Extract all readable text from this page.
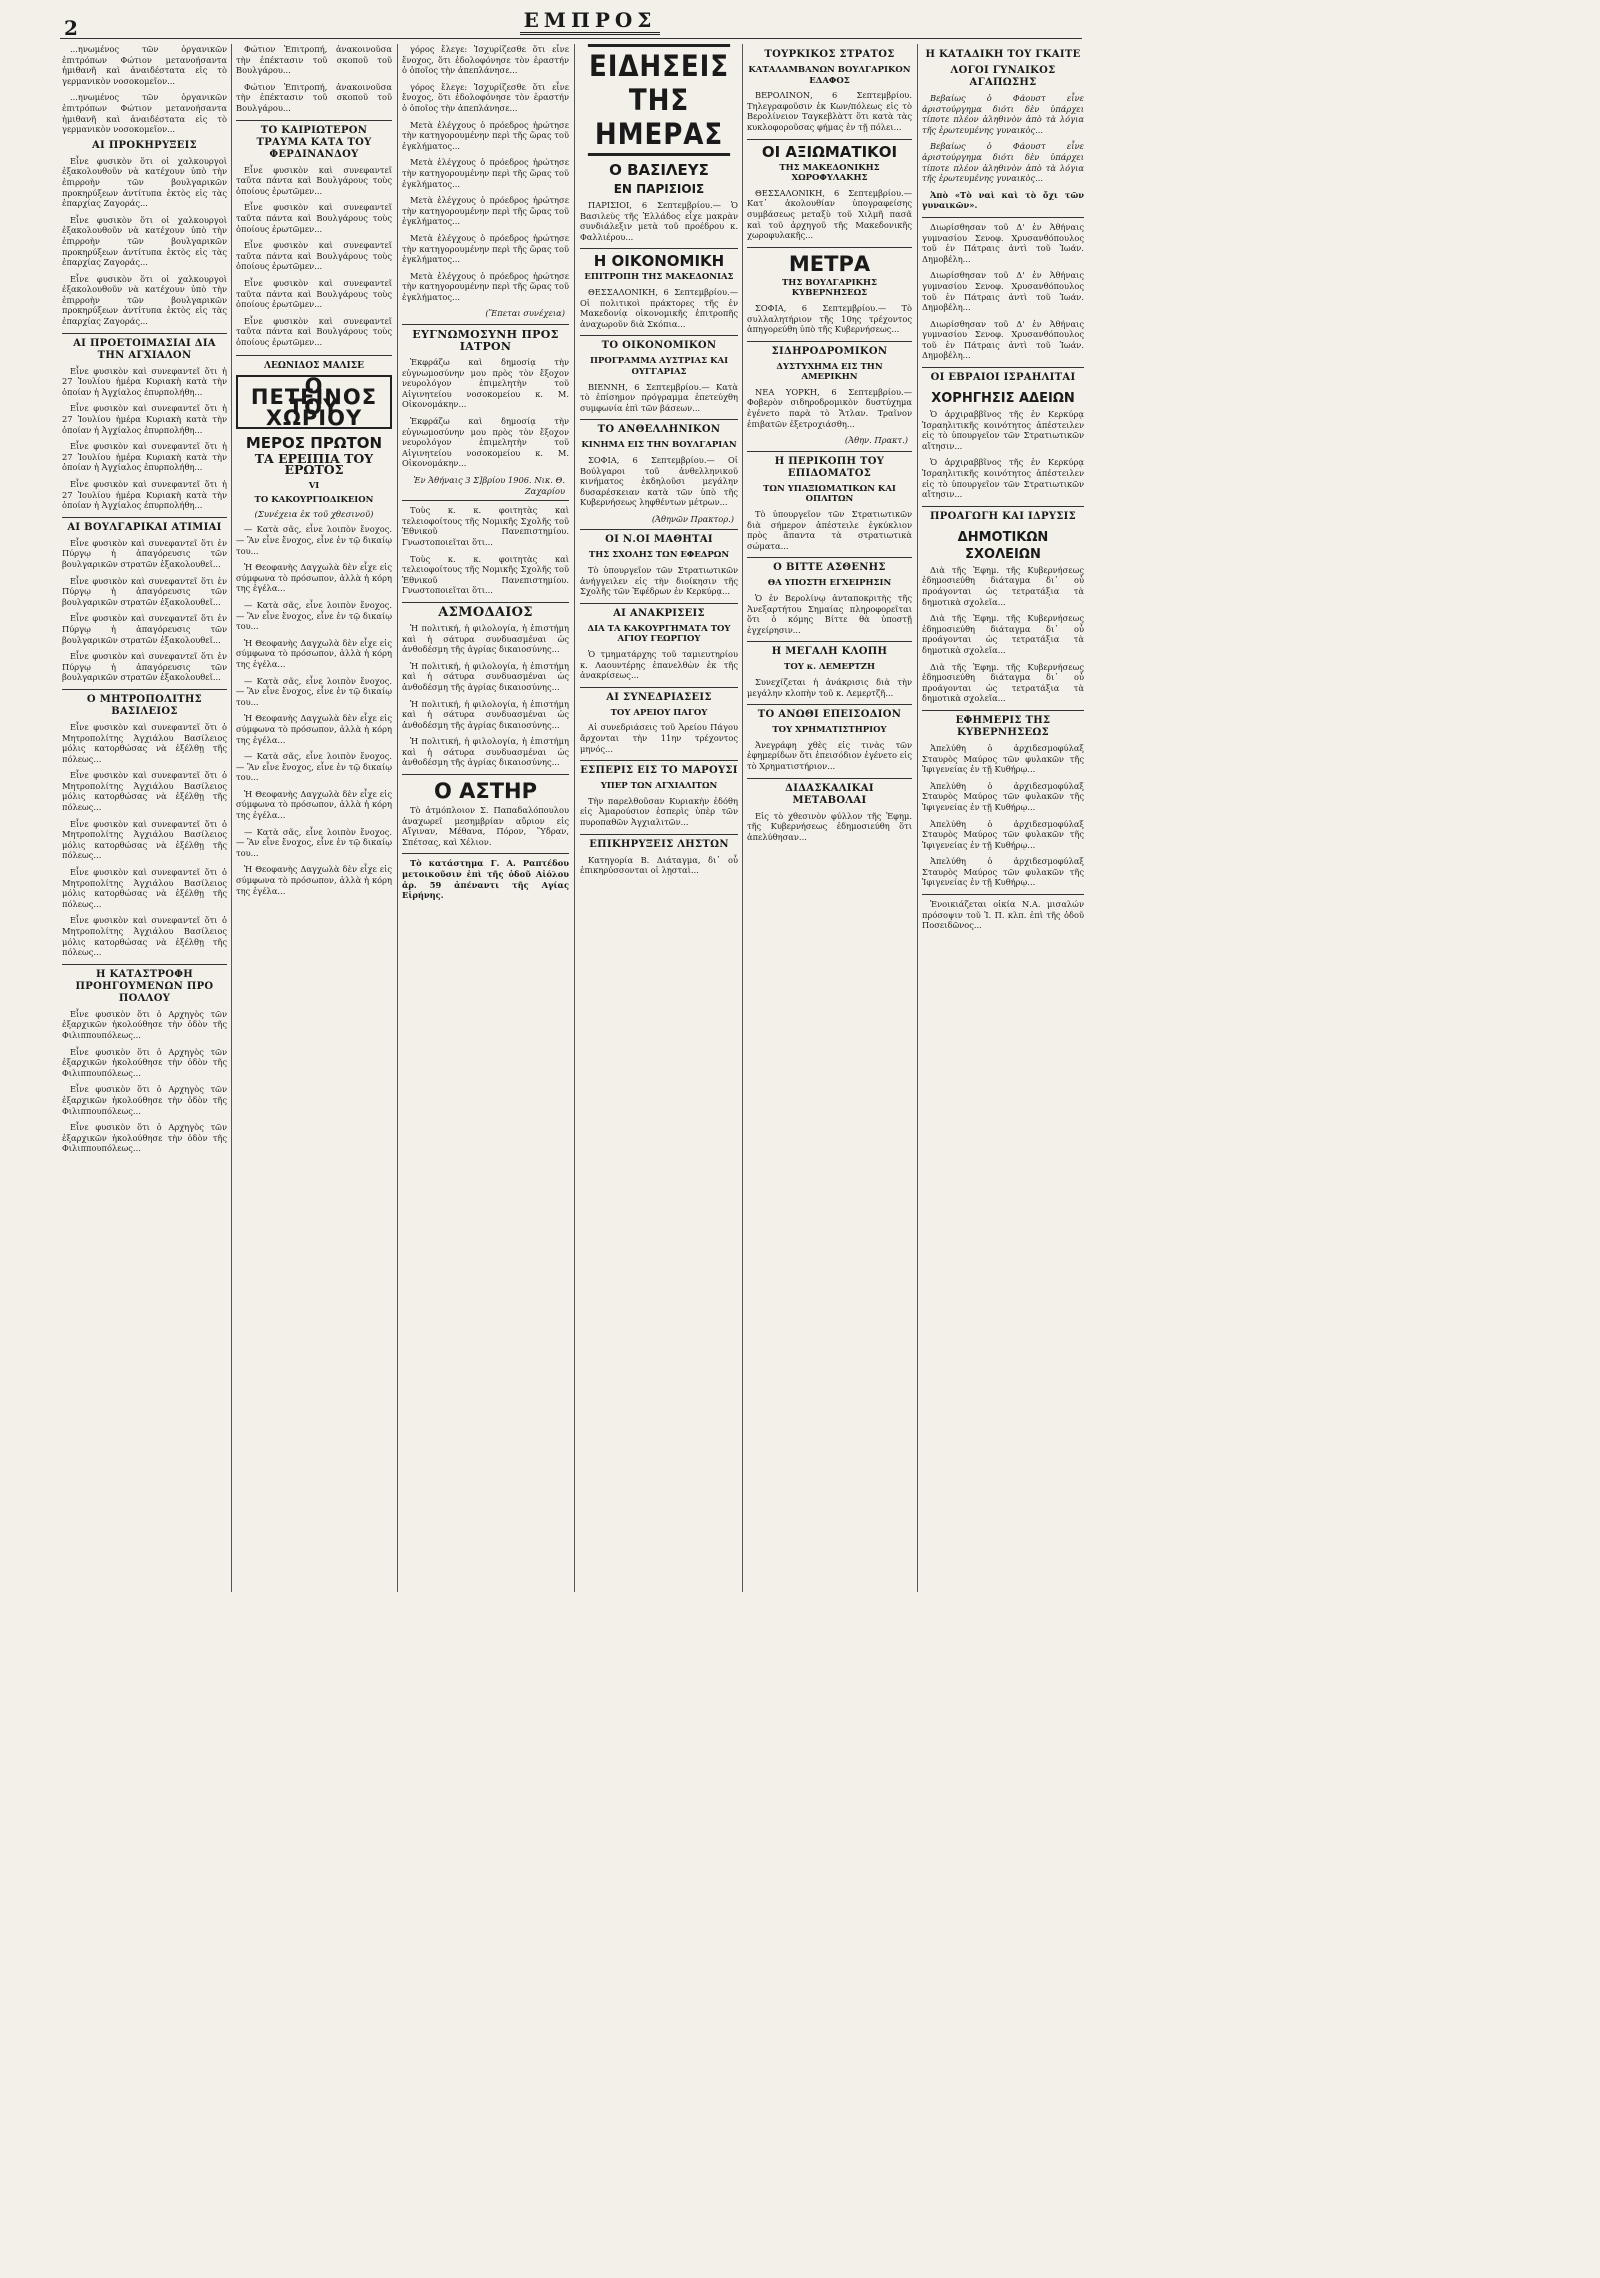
2	ΕΜΠΡΟΣ

...ηνωμένος τῶν ὀργανικῶν ἐπιτρόπων Φώτιον μετανοήσαντα ἡμιθανῆ καὶ ἀναιδέστατα εἰς τὸ γερμανικὸν νοσοκομεῖον...

...ηνωμένος τῶν ὀργανικῶν ἐπιτρόπων Φώτιον μετανοήσαντα ἡμιθανῆ καὶ ἀναιδέστατα εἰς τὸ γερμανικὸν νοσοκομεῖον...

ΑΙ ΠΡΟΚΗΡΥΞΕΙΣ

Εἶνε φυσικὸν ὅτι οἱ χαλκουργοὶ ἐξακολουθοῦν νὰ κατέχουν ὑπὸ τὴν ἐπιρροὴν τῶν βουλγαρικῶν προκηρύξεων ἀντίτυπα ἐκτὸς εἰς τὰς ἐπαρχίας Ζαγοράς...

Εἶνε φυσικὸν ὅτι οἱ χαλκουργοὶ ἐξακολουθοῦν νὰ κατέχουν ὑπὸ τὴν ἐπιρροὴν τῶν βουλγαρικῶν προκηρύξεων ἀντίτυπα ἐκτὸς εἰς τὰς ἐπαρχίας Ζαγοράς...

Εἶνε φυσικὸν ὅτι οἱ χαλκουργοὶ ἐξακολουθοῦν νὰ κατέχουν ὑπὸ τὴν ἐπιρροὴν τῶν βουλγαρικῶν προκηρύξεων ἀντίτυπα ἐκτὸς εἰς τὰς ἐπαρχίας Ζαγοράς...

ΑΙ ΠΡΟΕΤΟΙΜΑΣΙΑΙ ΔΙΑ ΤΗΝ ΑΓΧΙΑΛΟΝ

Εἶνε φυσικὸν καὶ συνεφαντεῖ ὅτι ἡ 27 Ἰουλίου ἡμέρα Κυριακὴ κατὰ τὴν ὁποίαν ἡ Ἀγχίαλος ἐπυρπολήθη...

Εἶνε φυσικὸν καὶ συνεφαντεῖ ὅτι ἡ 27 Ἰουλίου ἡμέρα Κυριακὴ κατὰ τὴν ὁποίαν ἡ Ἀγχίαλος ἐπυρπολήθη...

Εἶνε φυσικὸν καὶ συνεφαντεῖ ὅτι ἡ 27 Ἰουλίου ἡμέρα Κυριακὴ κατὰ τὴν ὁποίαν ἡ Ἀγχίαλος ἐπυρπολήθη...

Εἶνε φυσικὸν καὶ συνεφαντεῖ ὅτι ἡ 27 Ἰουλίου ἡμέρα Κυριακὴ κατὰ τὴν ὁποίαν ἡ Ἀγχίαλος ἐπυρπολήθη...

ΑΙ ΒΟΥΛΓΑΡΙΚΑΙ ΑΤΙΜΙΑΙ

Εἶνε φυσικὸν καὶ συνεφαντεῖ ὅτι ἐν Πύργῳ ἡ ἀπαγόρευσις τῶν βουλγαρικῶν στρατῶν ἐξακολουθεῖ...

Εἶνε φυσικὸν καὶ συνεφαντεῖ ὅτι ἐν Πύργῳ ἡ ἀπαγόρευσις τῶν βουλγαρικῶν στρατῶν ἐξακολουθεῖ...

Εἶνε φυσικὸν καὶ συνεφαντεῖ ὅτι ἐν Πύργῳ ἡ ἀπαγόρευσις τῶν βουλγαρικῶν στρατῶν ἐξακολουθεῖ...

Εἶνε φυσικὸν καὶ συνεφαντεῖ ὅτι ἐν Πύργῳ ἡ ἀπαγόρευσις τῶν βουλγαρικῶν στρατῶν ἐξακολουθεῖ...

Ο ΜΗΤΡΟΠΟΛΙΤΗΣ ΒΑΣΙΛΕΙΟΣ

Εἶνε φυσικὸν καὶ συνεφαντεῖ ὅτι ὁ Μητροπολίτης Ἀγχιάλου Βασίλειος μόλις κατορθώσας νὰ ἐξέλθῃ τῆς πόλεως...

Εἶνε φυσικὸν καὶ συνεφαντεῖ ὅτι ὁ Μητροπολίτης Ἀγχιάλου Βασίλειος μόλις κατορθώσας νὰ ἐξέλθῃ τῆς πόλεως...

Εἶνε φυσικὸν καὶ συνεφαντεῖ ὅτι ὁ Μητροπολίτης Ἀγχιάλου Βασίλειος μόλις κατορθώσας νὰ ἐξέλθῃ τῆς πόλεως...

Εἶνε φυσικὸν καὶ συνεφαντεῖ ὅτι ὁ Μητροπολίτης Ἀγχιάλου Βασίλειος μόλις κατορθώσας νὰ ἐξέλθῃ τῆς πόλεως...

Εἶνε φυσικὸν καὶ συνεφαντεῖ ὅτι ὁ Μητροπολίτης Ἀγχιάλου Βασίλειος μόλις κατορθώσας νὰ ἐξέλθῃ τῆς πόλεως...

Η ΚΑΤΑΣΤΡΟΦΗ ΠΡΟΗΓΟΥΜΕΝΩΝ ΠΡΟ ΠΟΛΛΟΥ

Εἶνε φυσικὸν ὅτι ὁ Αρχηγὸς τῶν ἐξαρχικῶν ἠκολούθησε τὴν ὁδὸν τῆς Φιλιππουπόλεως...

Εἶνε φυσικὸν ὅτι ὁ Αρχηγὸς τῶν ἐξαρχικῶν ἠκολούθησε τὴν ὁδὸν τῆς Φιλιππουπόλεως...

Εἶνε φυσικὸν ὅτι ὁ Αρχηγὸς τῶν ἐξαρχικῶν ἠκολούθησε τὴν ὁδὸν τῆς Φιλιππουπόλεως...

Εἶνε φυσικὸν ὅτι ὁ Αρχηγὸς τῶν ἐξαρχικῶν ἠκολούθησε τὴν ὁδὸν τῆς Φιλιππουπόλεως...

Φώτιον Ἐπιτροπή, ἀνακοινοῦσα τὴν ἐπέκτασιν τοῦ σκοποῦ τοῦ Βουλγάρου...

Φώτιον Ἐπιτροπή, ἀνακοινοῦσα τὴν ἐπέκτασιν τοῦ σκοποῦ τοῦ Βουλγάρου...

ΤΟ ΚΑΙΡΙΩΤΕΡΟΝ ΤΡΑΥΜΑ ΚΑΤΑ ΤΟΥ ΦΕΡΔΙΝΑΝΔΟΥ

Εἶνε φυσικὸν καὶ συνεφαντεῖ ταῦτα πάντα καὶ Βουλγάρους τοὺς ὁποίους ἐρωτῶμεν...

Εἶνε φυσικὸν καὶ συνεφαντεῖ ταῦτα πάντα καὶ Βουλγάρους τοὺς ὁποίους ἐρωτῶμεν...

Εἶνε φυσικὸν καὶ συνεφαντεῖ ταῦτα πάντα καὶ Βουλγάρους τοὺς ὁποίους ἐρωτῶμεν...

Εἶνε φυσικὸν καὶ συνεφαντεῖ ταῦτα πάντα καὶ Βουλγάρους τοὺς ὁποίους ἐρωτῶμεν...

Εἶνε φυσικὸν καὶ συνεφαντεῖ ταῦτα πάντα καὶ Βουλγάρους τοὺς ὁποίους ἐρωτῶμεν...

ΛΕΩΝΙΔΟΣ ΜΑΛΙΣΕ
Ο ΠΕΤΕΙΝΟΣ ΤΟΥ ΧΩΡΙΟΥ
ΜΕΡΟΣ ΠΡΩΤΟΝ
ΤΑ ΕΡΕΙΠΙΑ ΤΟΥ ΕΡΩΤΟΣ
VI
ΤΟ ΚΑΚΟΥΡΓΙΟΔΙΚΕΙΟΝ
(Συνέχεια ἐκ τοῦ χθεσινοῦ)

— Κατὰ σᾶς, εἶνε λοιπὸν ἔνοχος. — Ἂν εἶνε ἔνοχος, εἶνε ἐν τῷ δικαίῳ του...

Ἡ Θεοφανὴς Δαγχωλὰ δὲν εἶχε εἰς σύμφωνα τὸ πρόσωπον, ἀλλὰ ἡ κόρη της ἐγέλα...

— Κατὰ σᾶς, εἶνε λοιπὸν ἔνοχος. — Ἂν εἶνε ἔνοχος, εἶνε ἐν τῷ δικαίῳ του...

Ἡ Θεοφανὴς Δαγχωλὰ δὲν εἶχε εἰς σύμφωνα τὸ πρόσωπον, ἀλλὰ ἡ κόρη της ἐγέλα...

— Κατὰ σᾶς, εἶνε λοιπὸν ἔνοχος. — Ἂν εἶνε ἔνοχος, εἶνε ἐν τῷ δικαίῳ του...

Ἡ Θεοφανὴς Δαγχωλὰ δὲν εἶχε εἰς σύμφωνα τὸ πρόσωπον, ἀλλὰ ἡ κόρη της ἐγέλα...

— Κατὰ σᾶς, εἶνε λοιπὸν ἔνοχος. — Ἂν εἶνε ἔνοχος, εἶνε ἐν τῷ δικαίῳ του...

Ἡ Θεοφανὴς Δαγχωλὰ δὲν εἶχε εἰς σύμφωνα τὸ πρόσωπον, ἀλλὰ ἡ κόρη της ἐγέλα...

— Κατὰ σᾶς, εἶνε λοιπὸν ἔνοχος. — Ἂν εἶνε ἔνοχος, εἶνε ἐν τῷ δικαίῳ του...

Ἡ Θεοφανὴς Δαγχωλὰ δὲν εἶχε εἰς σύμφωνα τὸ πρόσωπον, ἀλλὰ ἡ κόρη της ἐγέλα...

γόρος ἔλεγε: Ἰσχυρίζεσθε ὅτι εἶνε ἔνοχος, ὅτι ἐδολοφόνησε τὸν ἐραστήν ὁ ὁποῖος τὴν ἀπεπλάνησε...

γόρος ἔλεγε: Ἰσχυρίζεσθε ὅτι εἶνε ἔνοχος, ὅτι ἐδολοφόνησε τὸν ἐραστήν ὁ ὁποῖος τὴν ἀπεπλάνησε...

Μετὰ ἐλέγχους ὁ πρόεδρος ἠρώτησε τὴν κατηγορουμένην περὶ τῆς ὥρας τοῦ ἐγκλήματος...

Μετὰ ἐλέγχους ὁ πρόεδρος ἠρώτησε τὴν κατηγορουμένην περὶ τῆς ὥρας τοῦ ἐγκλήματος...

Μετὰ ἐλέγχους ὁ πρόεδρος ἠρώτησε τὴν κατηγορουμένην περὶ τῆς ὥρας τοῦ ἐγκλήματος...

Μετὰ ἐλέγχους ὁ πρόεδρος ἠρώτησε τὴν κατηγορουμένην περὶ τῆς ὥρας τοῦ ἐγκλήματος...

Μετὰ ἐλέγχους ὁ πρόεδρος ἠρώτησε τὴν κατηγορουμένην περὶ τῆς ὥρας τοῦ ἐγκλήματος...

(Ἕπεται συνέχεια)
ΕΥΓΝΩΜΟΣΥΝΗ ΠΡΟΣ ΙΑΤΡΟΝ

Ἐκφράζω καὶ δημοσίᾳ τὴν εὐγνωμοσύνην μου πρὸς τὸν ἔξοχον νευρολόγον ἐπιμελητὴν τοῦ Αἰγινητείου νοσοκομείου κ. Μ. Οἰκονομάκην...

Ἐκφράζω καὶ δημοσίᾳ τὴν εὐγνωμοσύνην μου πρὸς τὸν ἔξοχον νευρολόγον ἐπιμελητὴν τοῦ Αἰγινητείου νοσοκομείου κ. Μ. Οἰκονομάκην...

Ἐν Ἀθήναις 3 Σ]βρίου 1906. Νικ. Θ. Ζαχαρίου

Τοὺς κ. κ. φοιτητὰς καὶ τελειοφοίτους τῆς Νομικῆς Σχολῆς τοῦ Ἐθνικοῦ Πανεπιστημίου. Γνωστοποιεῖται ὅτι...

Τοὺς κ. κ. φοιτητὰς καὶ τελειοφοίτους τῆς Νομικῆς Σχολῆς τοῦ Ἐθνικοῦ Πανεπιστημίου. Γνωστοποιεῖται ὅτι...

ΑΣΜΟΔΑΙΟΣ

Ἡ πολιτική, ἡ φιλολογία, ἡ ἐπιστήμη καὶ ἡ σάτυρα συνδυασμέναι ὡς ἀνθοδέσμη τῆς ἀγρίας δικαιοσύνης...

Ἡ πολιτική, ἡ φιλολογία, ἡ ἐπιστήμη καὶ ἡ σάτυρα συνδυασμέναι ὡς ἀνθοδέσμη τῆς ἀγρίας δικαιοσύνης...

Ἡ πολιτική, ἡ φιλολογία, ἡ ἐπιστήμη καὶ ἡ σάτυρα συνδυασμέναι ὡς ἀνθοδέσμη τῆς ἀγρίας δικαιοσύνης...

Ἡ πολιτική, ἡ φιλολογία, ἡ ἐπιστήμη καὶ ἡ σάτυρα συνδυασμέναι ὡς ἀνθοδέσμη τῆς ἀγρίας δικαιοσύνης...

Ο ΑΣΤΗΡ

Τὸ ἀτμόπλοιον Σ. Παπαδαλόπουλου ἀναχωρεῖ μεσημβρίαν αὔριον εἰς Αἴγιναν, Μέθανα, Πόρον, Ὕδραν, Σπέτσας, καὶ Χέλιον.

Τὸ κατάστημα Γ. Α. Ραπτέδου μετοικοῦσιν ἐπὶ τῆς ὁδοῦ Αἰόλου ἀρ. 59 ἀπέναντι τῆς Αγίας Εἰρήνης.

ΕΙΔΗΣΕΙΣ ΤΗΣ ΗΜΕΡΑΣ
Ο ΒΑΣΙΛΕΥΣ
ΕΝ ΠΑΡΙΣΙΟΙΣ

ΠΑΡΙΣΙΟΙ, 6 Σεπτεμβρίου.— Ὁ Βασιλεὺς τῆς Ἑλλάδος εἶχε μακρὰν συνδιάλεξιν μετὰ τοῦ προέδρου κ. Φαλλιέρου...

Η ΟΙΚΟΝΟΜΙΚΗ
ΕΠΙΤΡΟΠΗ ΤΗΣ ΜΑΚΕΔΟΝΙΑΣ

ΘΕΣΣΑΛΟΝΙΚΗ, 6 Σεπτεμβρίου.— Οἱ πολιτικοὶ πράκτορες τῆς ἐν Μακεδονίᾳ οἰκονομικῆς ἐπιτροπῆς ἀναχωροῦν διὰ Σκόπια...

ΤΟ ΟΙΚΟΝΟΜΙΚΟΝ
ΠΡΟΓΡΑΜΜΑ ΑΥΣΤΡΙΑΣ ΚΑΙ ΟΥΓΓΑΡΙΑΣ

ΒΙΕΝΝΗ, 6 Σεπτεμβρίου.— Κατὰ τὸ ἐπίσημον πρόγραμμα ἐπετεύχθη συμφωνία ἐπὶ τῶν βάσεων...

ΤΟ ΑΝΘΕΛΛΗΝΙΚΟΝ
ΚΙΝΗΜΑ ΕΙΣ ΤΗΝ ΒΟΥΛΓΑΡΙΑΝ

ΣΟΦΙΑ, 6 Σεπτεμβρίου.— Οἱ Βούλγαροι τοῦ ἀνθελληνικοῦ κινήματος ἐκδηλοῦσι μεγάλην δυσαρέσκειαν κατὰ τῶν ὑπὸ τῆς Κυβερνήσεως ληφθέντων μέτρων...

(Ἀθηνῶν Πρακτορ.)
ΟΙ Ν.ΟΙ ΜΑΘΗΤΑΙ
ΤΗΣ ΣΧΟΛΗΣ ΤΩΝ ΕΦΕΔΡΩΝ

Τὸ ὑπουργεῖον τῶν Στρατιωτικῶν ἀνήγγειλεν εἰς τὴν διοίκησιν τῆς Σχολῆς τῶν Ἐφέδρων ἐν Κερκύρᾳ...

ΑΙ ΑΝΑΚΡΙΣΕΙΣ
ΔΙΑ ΤΑ ΚΑΚΟΥΡΓΗΜΑΤΑ ΤΟΥ ΑΓΙΟΥ ΓΕΩΡΓΙΟΥ

Ὁ τμηματάρχης τοῦ ταμιευτηρίου κ. Λαουντέρης ἐπανελθὼν ἐκ τῆς ἀνακρίσεως...

ΑΙ ΣΥΝΕΔΡΙΑΣΕΙΣ
ΤΟΥ ΑΡΕΙΟΥ ΠΑΓΟΥ

Αἱ συνεδριάσεις τοῦ Ἀρείου Πάγου ἄρχονται τὴν 11ην τρέχοντος μηνός...

ΕΣΠΕΡΙΣ ΕΙΣ ΤΟ ΜΑΡΟΥΣΙ
ΥΠΕΡ ΤΩΝ ΑΓΧΙΑΛΙΤΩΝ

Τὴν παρελθοῦσαν Κυριακὴν ἐδόθη εἰς Ἀμαρούσιον ἑσπερὶς ὑπὲρ τῶν πυροπαθῶν Ἀγχιαλιτῶν...

ΕΠΙΚΗΡΥΞΕΙΣ ΛΗΣΤΩΝ

Κατηγορία Β. Διάταγμα, δι᾽ οὗ ἐπικηρύσσονται οἱ λῃσταὶ...

ΤΟΥΡΚΙΚΟΣ ΣΤΡΑΤΟΣ
ΚΑΤΑΛΑΜΒΑΝΩΝ ΒΟΥΛΓΑΡΙΚΟΝ ΕΔΑΦΟΣ

ΒΕΡΟΛΙΝΟΝ, 6 Σεπτεμβρίου. Τηλεγραφοῦσιν ἐκ Κων/πόλεως εἰς τὸ Βερολίνειον Ταγκεβλὰττ ὅτι κατὰ τὰς κυκλοφοροῦσας φήμας ἐν τῇ πόλει...

ΟΙ ΑΞΙΩΜΑΤΙΚΟΙ
ΤΗΣ ΜΑΚΕΔΟΝΙΚΗΣ ΧΩΡΟΦΥΛΑΚΗΣ

ΘΕΣΣΑΛΟΝΙΚΗ, 6 Σεπτεμβρίου.— Κατ᾽ ἀκολουθίαν ὑπογραφείσης συμβάσεως μεταξὺ τοῦ Χιλμῆ πασᾶ καὶ τοῦ ἀρχηγοῦ τῆς Μακεδονικῆς χωροφυλακῆς...

ΜΕΤΡΑ
ΤΗΣ ΒΟΥΛΓΑΡΙΚΗΣ ΚΥΒΕΡΝΗΣΕΩΣ

ΣΟΦΙΑ, 6 Σεπτεμβρίου.— Τὸ συλλαλητήριον τῆς 10ης τρέχοντος ἀπηγορεύθη ὑπὸ τῆς Κυβερνήσεως...

ΣΙΔΗΡΟΔΡΟΜΙΚΟΝ
ΔΥΣΤΥΧΗΜΑ ΕΙΣ ΤΗΝ ΑΜΕΡΙΚΗΝ

ΝΕΑ ΥΟΡΚΗ, 6 Σεπτεμβρίου.— Φοβερὸν σιδηροδρομικὸν δυστύχημα ἐγένετο παρὰ τὸ Ἄτλαν. Τραῖνον ἐπιβατῶν ἐξετροχιάσθη...

(Ἀθην. Πρακτ.)
Η ΠΕΡΙΚΟΠΗ ΤΟΥ ΕΠΙΔΟΜΑΤΟΣ
ΤΩΝ ΥΠΑΞΙΩΜΑΤΙΚΩΝ ΚΑΙ ΟΠΛΙΤΩΝ

Τὸ ὑπουργεῖον τῶν Στρατιωτικῶν διὰ σήμερον ἀπέστειλε ἐγκύκλιον πρὸς ἅπαντα τὰ στρατιωτικὰ σώματα...

Ο ΒΙΤΤΕ ΑΣΘΕΝΗΣ
ΘΑ ΥΠΟΣΤΗ ΕΓΧΕΙΡΗΣΙΝ

Ὁ ἐν Βερολίνῳ ἀνταποκριτὴς τῆς Ἀνεξαρτήτου Σημαίας πληροφορεῖται ὅτι ὁ κόμης Βίττε θὰ ὑποστῇ ἐγχείρησιν...

Η ΜΕΓΑΛΗ ΚΛΟΠΗ
ΤΟΥ κ. ΛΕΜΕΡΤΖΗ

Συνεχίζεται ἡ ἀνάκρισις διὰ τὴν μεγάλην κλοπὴν τοῦ κ. Λεμερτζῆ...

ΤΟ ΑΝΩΘΙ ΕΠΕΙΣΟΔΙΟΝ
ΤΟΥ ΧΡΗΜΑΤΙΣΤΗΡΙΟΥ

Ἀνεγράφη χθὲς εἰς τινὰς τῶν ἐφημερίδων ὅτι ἐπεισόδιον ἐγένετο εἰς τὸ Χρηματιστήριον...

ΔΙΔΑΣΚΑΛΙΚΑΙ ΜΕΤΑΒΟΛΑΙ

Εἰς τὸ χθεσινὸν φύλλον τῆς Ἐφημ. τῆς Κυβερνήσεως ἐδημοσιεύθη ὅτι ἀπελύθησαν...

Η ΚΑΤΑΔΙΚΗ ΤΟΥ ΓΚΑΙΤΕ
ΛΟΓΟΙ ΓΥΝΑΙΚΟΣ ΑΓΑΠΩΣΗΣ

Βεβαίως ὁ Φάουστ εἶνε ἀριστούργημα διότι δὲν ὑπάρχει τίποτε πλέον ἀληθινὸν ἀπὸ τὰ λόγια τῆς ἐρωτευμένης γυναικὸς...

Βεβαίως ὁ Φάουστ εἶνε ἀριστούργημα διότι δὲν ὑπάρχει τίποτε πλέον ἀληθινὸν ἀπὸ τὰ λόγια τῆς ἐρωτευμένης γυναικὸς...

Ἀπὸ «Τὸ ναὶ καὶ τὸ ὄχι τῶν γυναικῶν».

Διωρίσθησαν τοῦ Δ' ἐν Ἀθήναις γυμνασίου Σενοφ. Χρυσανθόπουλος τοῦ ἐν Πάτραις ἀντὶ τοῦ Ἰωάν. Δημοβέλη...

Διωρίσθησαν τοῦ Δ' ἐν Ἀθήναις γυμνασίου Σενοφ. Χρυσανθόπουλος τοῦ ἐν Πάτραις ἀντὶ τοῦ Ἰωάν. Δημοβέλη...

Διωρίσθησαν τοῦ Δ' ἐν Ἀθήναις γυμνασίου Σενοφ. Χρυσανθόπουλος τοῦ ἐν Πάτραις ἀντὶ τοῦ Ἰωάν. Δημοβέλη...

ΟΙ ΕΒΡΑΙΟΙ ΙΣΡΑΗΛΙΤΑΙ
ΧΟΡΗΓΗΣΙΣ ΑΔΕΙΩΝ

Ὁ ἀρχιραββῖνος τῆς ἐν Κερκύρᾳ Ἰσραηλιτικῆς κοινότητος ἀπέστειλεν εἰς τὸ ὑπουργεῖον τῶν Στρατιωτικῶν αἴτησιν...

Ὁ ἀρχιραββῖνος τῆς ἐν Κερκύρᾳ Ἰσραηλιτικῆς κοινότητος ἀπέστειλεν εἰς τὸ ὑπουργεῖον τῶν Στρατιωτικῶν αἴτησιν...

ΠΡΟΑΓΩΓΗ ΚΑΙ ΙΔΡΥΣΙΣ
ΔΗΜΟΤΙΚΩΝ ΣΧΟΛΕΙΩΝ

Διὰ τῆς Ἐφημ. τῆς Κυβερνήσεως ἐδημοσιεύθη διάταγμα δι᾽ οὗ προάγονται ὡς τετρατάξια τὰ δημοτικὰ σχολεῖα...

Διὰ τῆς Ἐφημ. τῆς Κυβερνήσεως ἐδημοσιεύθη διάταγμα δι᾽ οὗ προάγονται ὡς τετρατάξια τὰ δημοτικὰ σχολεῖα...

Διὰ τῆς Ἐφημ. τῆς Κυβερνήσεως ἐδημοσιεύθη διάταγμα δι᾽ οὗ προάγονται ὡς τετρατάξια τὰ δημοτικὰ σχολεῖα...

ΕΦΗΜΕΡΙΣ ΤΗΣ ΚΥΒΕΡΝΗΣΕΩΣ

Ἀπελύθη ὁ ἀρχιδεσμοφύλαξ Σταυρὸς Μαύρος τῶν φυλακῶν τῆς Ἰφιγενείας ἐν τῇ Κυθήρῳ...

Ἀπελύθη ὁ ἀρχιδεσμοφύλαξ Σταυρὸς Μαύρος τῶν φυλακῶν τῆς Ἰφιγενείας ἐν τῇ Κυθήρῳ...

Ἀπελύθη ὁ ἀρχιδεσμοφύλαξ Σταυρὸς Μαύρος τῶν φυλακῶν τῆς Ἰφιγενείας ἐν τῇ Κυθήρῳ...

Ἀπελύθη ὁ ἀρχιδεσμοφύλαξ Σταυρὸς Μαύρος τῶν φυλακῶν τῆς Ἰφιγενείας ἐν τῇ Κυθήρῳ...

Ἐνοικιάζεται οἰκία Ν.Α. μισαλών πρόσοψιν τοῦ Ἰ. Π. κλπ. ἐπὶ τῆς ὁδοῦ Ποσειδῶνος...
